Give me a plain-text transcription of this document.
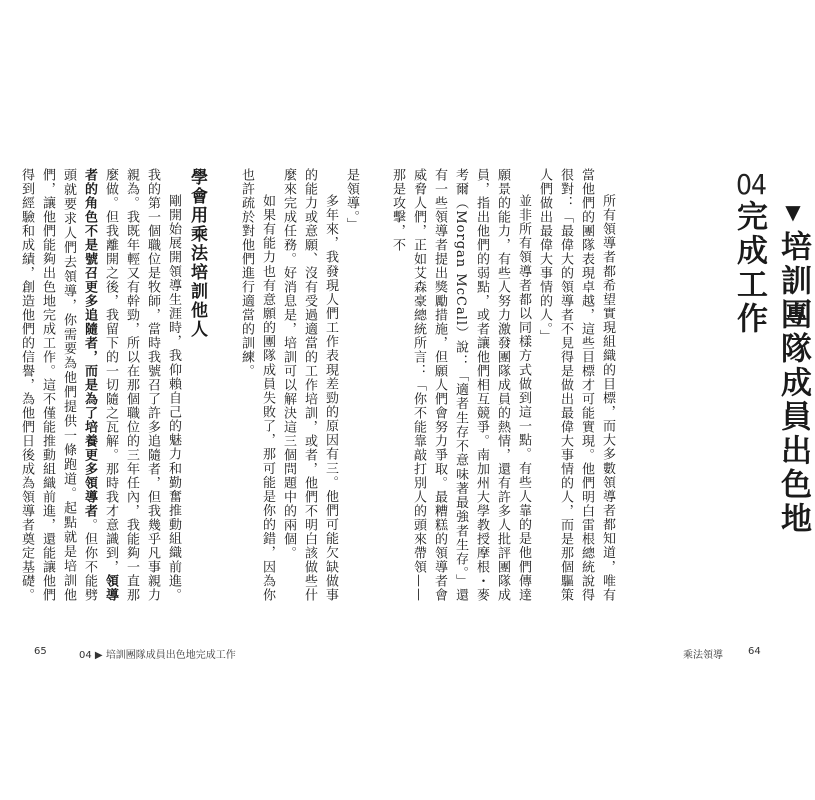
是領導。」

多年來，我發現人們工作表現差勁的原因有三。他們可能欠缺做事的能力或意願、沒有受過適當的工作培訓，或者，他們不明白該做些什麼來完成任務。好消息是，培訓可以解決這三個問題中的兩個。

如果有能力也有意願的團隊成員失敗了，那可能是你的錯，因為你也許疏於對他們進行適當的訓練。

學會用乘法培訓他人

剛開始展開領導生涯時，我仰賴自己的魅力和勤奮推動組織前進。我的第一個職位是牧師，當時我號召了許多追隨者，但我幾乎凡事親力親為。我既年輕又有幹勁，所以在那個職位的三年任內，我能夠一直那麼做。但我離開之後，我留下的一切隨之瓦解。那時我才意識到，領導者的角色不是號召更多追隨者，而是為了培養更多領導者。但你不能劈頭就要求人們去領導，你需要為他們提供一條跑道。起點就是培訓他們，讓他們能夠出色地完成工作。這不僅能推動組織前進，還能讓他們得到經驗和成績，創造他們的信譽，為他們日後成為領導者奠定基礎。

65	04 ▶ 培訓團隊成員出色地完成工作

所有領導者都希望實現組織的目標，而大多數領導者都知道，唯有當他們的團隊表現卓越，這些目標才可能實現。他們明白雷根總統說得很對：「最偉大的領導者不見得是做出最偉大事情的人，而是那個驅策人們做出最偉大事情的人。」

並非所有領導者都以同樣方式做到這一點。有些人靠的是他們傳達願景的能力，有些人努力激發團隊成員的熱情，還有許多人批評團隊成員，指出他們的弱點，或者讓他們相互競爭。南加州大學教授摩根・麥考爾（Morgan McCall）說：「適者生存不意味著最強者生存。」還有一些領導者提出獎勵措施，但願人們會努力爭取。最糟糕的領導者會威脅人們，正如艾森豪總統所言：「你不能靠敲打別人的頭來帶領——那是攻擊，不

乘法領導	64
04
▼培訓團隊成員出色地完成工作
